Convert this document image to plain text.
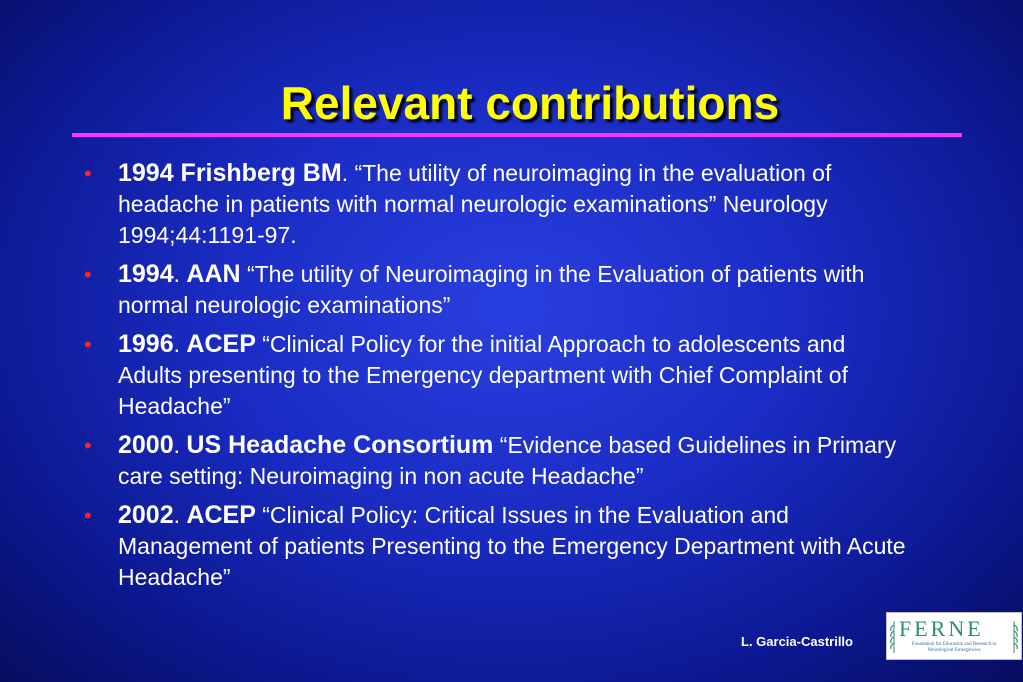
Relevant contributions
• 1994 Frishberg BM. “The utility of neuroimaging in the evaluation of headache in patients with normal neurologic examinations” Neurology 1994;44:1191-97.
• 1994. AAN “The utility of Neuroimaging in the Evaluation of patients with normal neurologic examinations”
• 1996. ACEP “Clinical Policy for the initial Approach to adolescents and Adults presenting to the Emergency department with Chief Complaint of Headache”
• 2000. US Headache Consortium “Evidence based Guidelines in Primary care setting: Neuroimaging in non acute Headache”
• 2002. ACEP “Clinical Policy: Critical Issues in the Evaluation and Management of patients Presenting to the Emergency Department with Acute Headache”
L. Garcia-Castrillo
FERNE
Foundation for Education and Research in Neurological Emergencies
